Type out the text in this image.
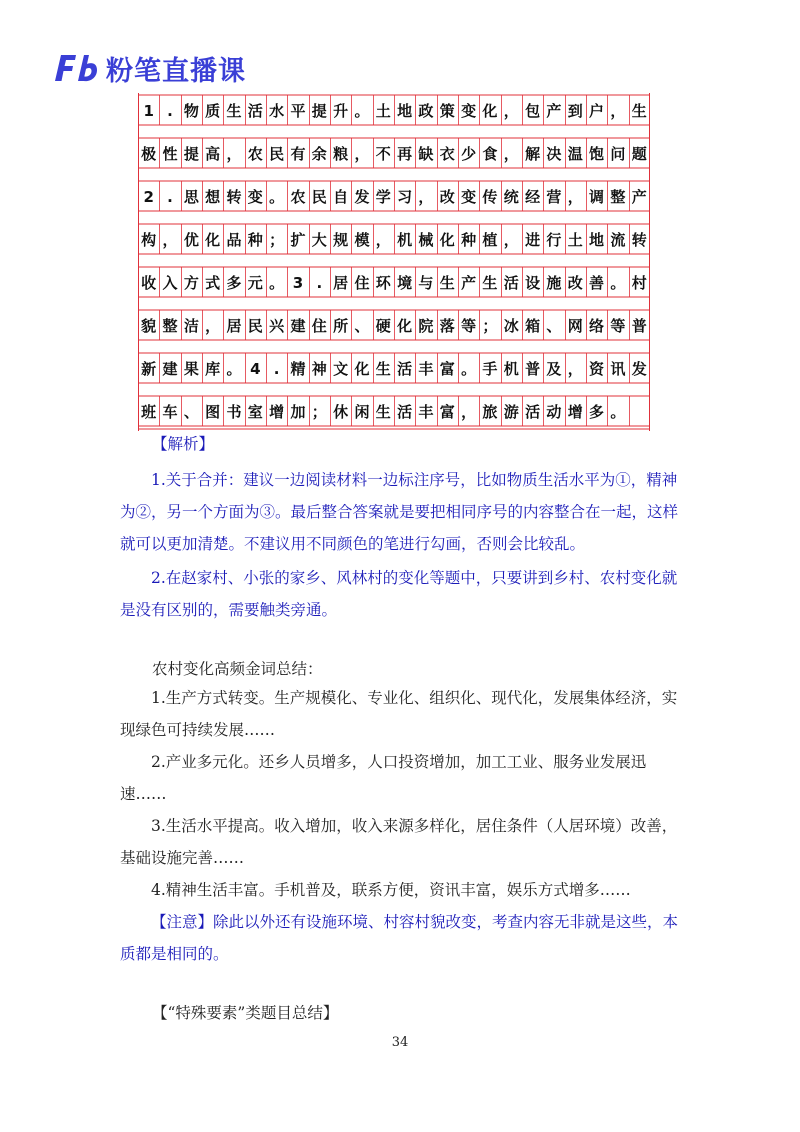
粉笔直播课
1 . 物 质 生 活 水 平 提 升 。 土 地 政 策 变 化 ， 包 产 到 户 ， 生
极 性 提 高 ， 农 民 有 余 粮 ， 不 再 缺 衣 少 食 ， 解 决 温 饱 问 题
2 . 思 想 转 变 。 农 民 自 发 学 习 ， 改 变 传 统 经 营 ， 调 整 产
构 ， 优 化 品 种 ； 扩 大 规 模 ， 机 械 化 种 植 ， 进 行 土 地 流 转
收 入 方 式 多 元 。 3 . 居 住 环 境 与 生 产 生 活 设 施 改 善 。 村
貌 整 洁 ， 居 民 兴 建 住 所 、 硬 化 院 落 等 ； 冰 箱 、 网 络 等 普
新 建 果 库 。 4 . 精 神 文 化 生 活 丰 富 。 手 机 普 及 ， 资 讯 发
班 车 、 图 书 室 增 加 ； 休 闲 生 活 丰 富 ， 旅 游 活 动 增 多 。
【解析】
1.关于合并：建议一边阅读材料一边标注序号，比如物质生活水平为①，精神为②，另一个方面为③。最后整合答案就是要把相同序号的内容整合在一起，这样就可以更加清楚。不建议用不同颜色的笔进行勾画，否则会比较乱。
2.在赵家村、小张的家乡、风林村的变化等题中，只要讲到乡村、农村变化就是没有区别的，需要触类旁通。
农村变化高频金词总结：
1.生产方式转变。生产规模化、专业化、组织化、现代化，发展集体经济，实现绿色可持续发展……
2.产业多元化。还乡人员增多，人口投资增加，加工工业、服务业发展迅速……
3.生活水平提高。收入增加，收入来源多样化，居住条件（人居环境）改善，基础设施完善……
4.精神生活丰富。手机普及，联系方便，资讯丰富，娱乐方式增多……
【注意】除此以外还有设施环境、村容村貌改变，考查内容无非就是这些，本质都是相同的。
【“特殊要素”类题目总结】
34
